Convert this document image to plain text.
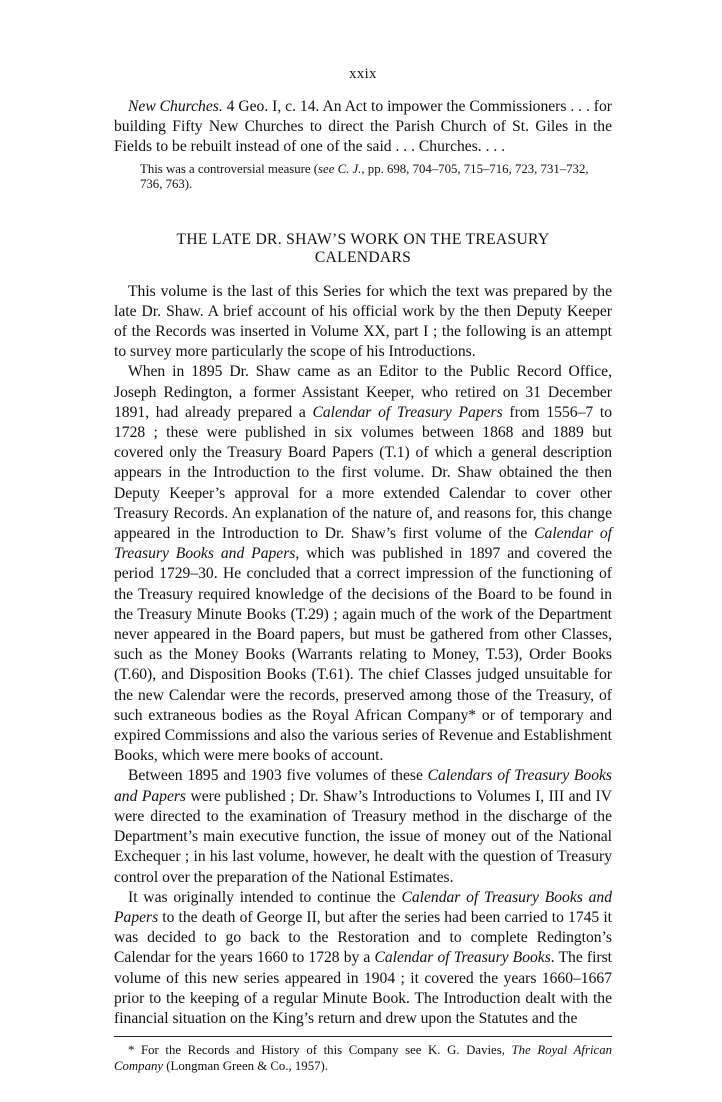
xxix

New Churches. 4 Geo. I, c. 14. An Act to impower the Commissioners . . . for building Fifty New Churches to direct the Parish Church of St. Giles in the Fields to be rebuilt instead of one of the said . . . Churches. . . .

This was a controversial measure (see C. J., pp. 698, 704–705, 715–716, 723, 731–732, 736, 763).

THE LATE DR. SHAW’S WORK ON THE TREASURY
CALENDARS

This volume is the last of this Series for which the text was prepared by the late Dr. Shaw. A brief account of his official work by the then Deputy Keeper of the Records was inserted in Volume XX, part I ; the following is an attempt to survey more particularly the scope of his Introductions.

When in 1895 Dr. Shaw came as an Editor to the Public Record Office, Joseph Redington, a former Assistant Keeper, who retired on 31 December 1891, had already prepared a Calendar of Treasury Papers from 1556–7 to 1728 ; these were published in six volumes between 1868 and 1889 but covered only the Treasury Board Papers (T.1) of which a general description appears in the Introduction to the first volume. Dr. Shaw obtained the then Deputy Keeper’s approval for a more extended Calendar to cover other Treasury Records. An explanation of the nature of, and reasons for, this change appeared in the Introduction to Dr. Shaw’s first volume of the Calendar of Treasury Books and Papers, which was published in 1897 and covered the period 1729–30. He concluded that a correct impression of the functioning of the Treasury required knowledge of the decisions of the Board to be found in the Treasury Minute Books (T.29) ; again much of the work of the Department never appeared in the Board papers, but must be gathered from other Classes, such as the Money Books (Warrants relating to Money, T.53), Order Books (T.60), and Disposition Books (T.61). The chief Classes judged unsuitable for the new Calendar were the records, preserved among those of the Treasury, of such extraneous bodies as the Royal African Company* or of temporary and expired Commissions and also the various series of Revenue and Establishment Books, which were mere books of account.

Between 1895 and 1903 five volumes of these Calendars of Treasury Books and Papers were published ; Dr. Shaw’s Introductions to Volumes I, III and IV were directed to the examination of Treasury method in the discharge of the Department’s main executive function, the issue of money out of the National Exchequer ; in his last volume, however, he dealt with the question of Treasury control over the preparation of the National Estimates.

It was originally intended to continue the Calendar of Treasury Books and Papers to the death of George II, but after the series had been carried to 1745 it was decided to go back to the Restoration and to complete Redington’s Calendar for the years 1660 to 1728 by a Calendar of Treasury Books. The first volume of this new series appeared in 1904 ; it covered the years 1660–1667 prior to the keeping of a regular Minute Book. The Introduction dealt with the financial situation on the King’s return and drew upon the Statutes and the

* For the Records and History of this Company see K. G. Davies, The Royal African Company (Longman Green & Co., 1957).
